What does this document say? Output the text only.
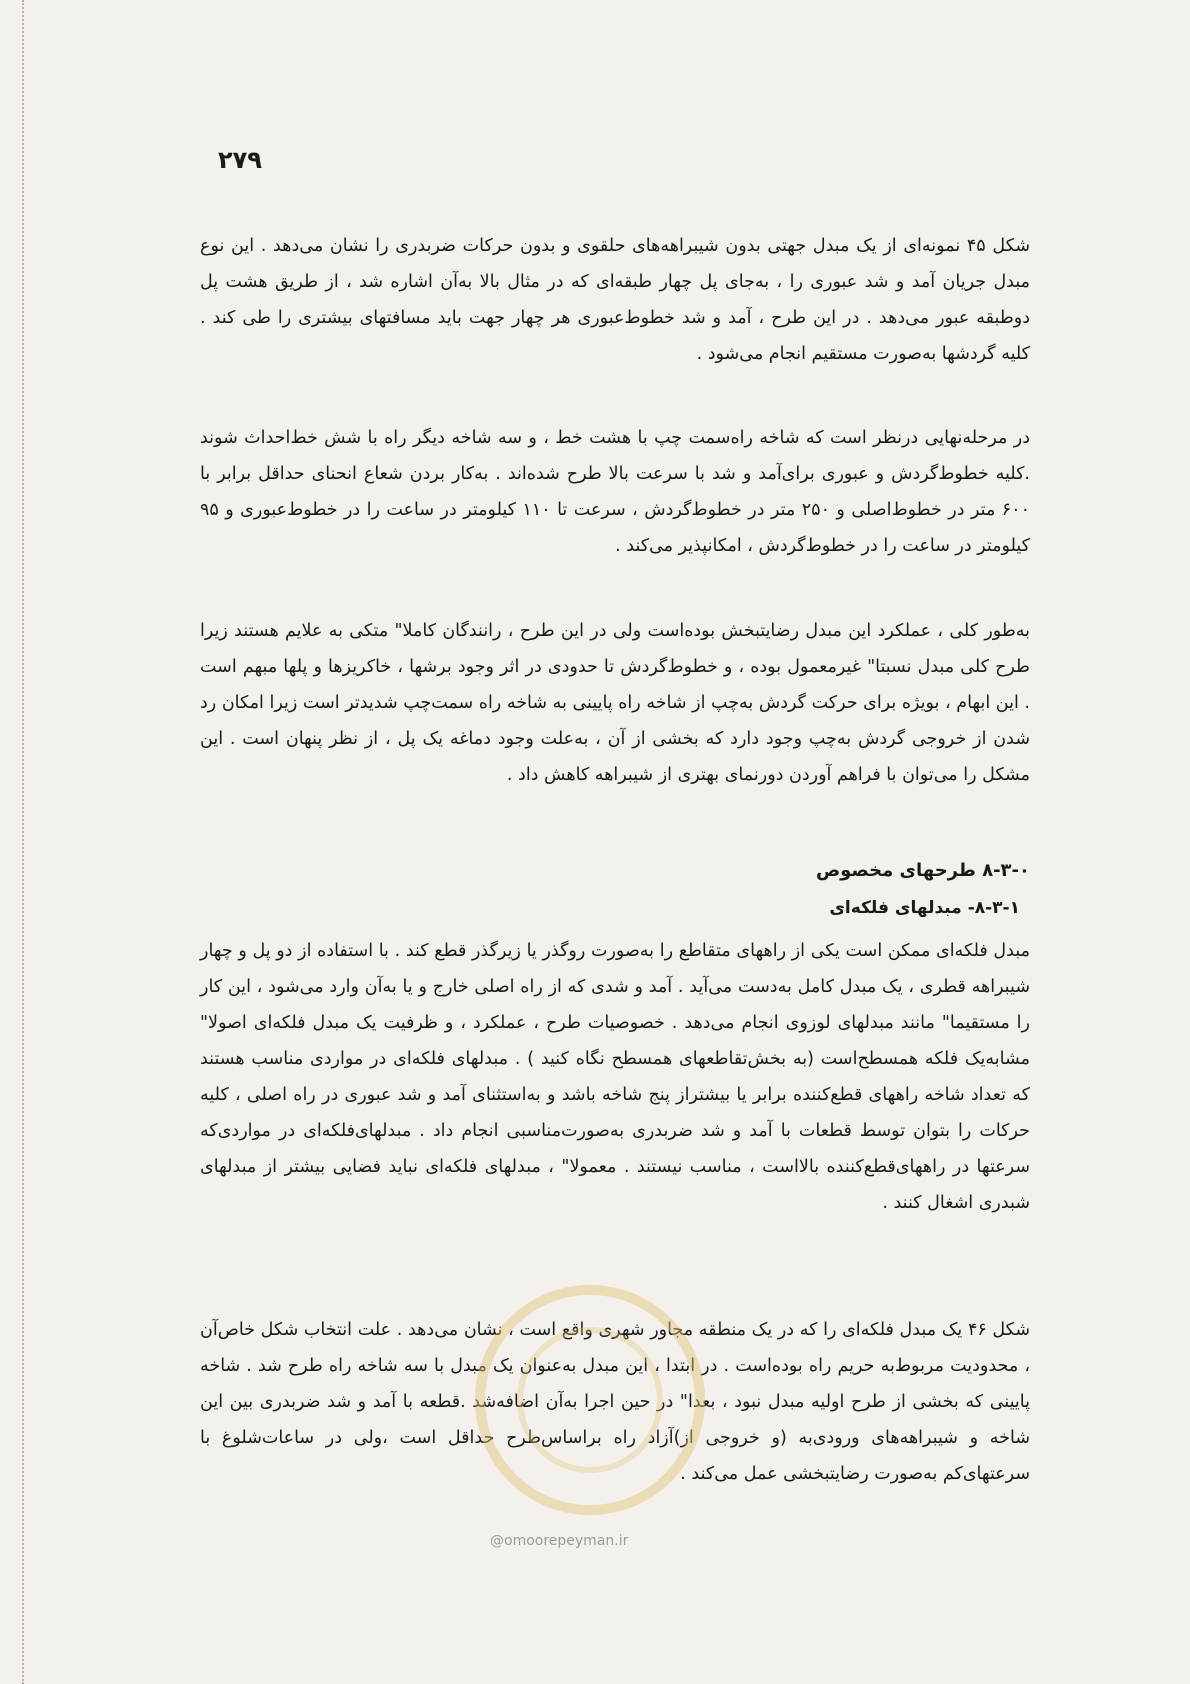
۲۷۹

شکل ۴۵ نمونه‌ای از یک مبدل جهتی بدون شیبراهه‌های حلقوی و بدون حرکات ضربدری را نشان می‌دهد . این نوع مبدل جریان آمد و شد عبوری را ، به‌جای پل چهار طبقه‌ای که در مثال بالا به‌آن اشاره شد ، از طریق هشت پل دوطبقه عبور می‌دهد . در این طرح ، آمد و شد خطوط‌عبوری هر چهار جهت باید مسافتهای بیشتری را طی کند . کلیه گردشها به‌صورت مستقیم انجام می‌شود .

در مرحله‌نهایی درنظر است که شاخه راه‌سمت چپ با هشت خط ، و سه شاخه دیگر راه با شش خط‌احداث شوند .کلیه خطوط‌گردش و عبوری برای‌آمد و شد با سرعت بالا طرح شده‌اند . به‌کار بردن شعاع انحنای حداقل برابر با ۶۰۰ متر در خطوط‌اصلی و ۲۵۰ متر در خطوط‌گردش ، سرعت تا ۱۱۰ کیلومتر در ساعت را در خطوط‌عبوری و ۹۵ کیلومتر در ساعت را در خطوط‌گردش ، امکانپذیر می‌کند .

به‌طور کلی ، عملکرد این مبدل رضایتبخش بوده‌است ولی در این طرح ، رانندگان کاملا" متکی به علایم هستند زیرا طرح کلی مبدل نسبتا" غیرمعمول بوده ، و خطوط‌گردش تا حدودی در اثر وجود برشها ، خاکریزها و پلها مبهم است . این ابهام ، بویژه برای حرکت گردش به‌چپ از شاخه راه پایینی به شاخه راه سمت‌چپ شدیدتر است زیرا امکان رد شدن از خروجی گردش به‌چپ وجود دارد که بخشی از آن ، به‌علت وجود دماغه یک پل ، از نظر پنهان است . این مشکل را می‌توان با فراهم آوردن دورنمای بهتری از شیبراهه کاهش داد .

۸-۳-۰ طرحهای مخصوص
۸-۳-۱- مبدلهای فلکه‌ای

مبدل فلکه‌ای ممکن است یکی از راههای متقاطع را به‌صورت روگذر یا زیرگذر قطع کند . با استفاده از دو پل و چهار شیبراهه قطری ، یک مبدل کامل به‌دست می‌آید . آمد و شدی که از راه اصلی خارج و یا به‌آن وارد می‌شود ، این کار را مستقیما" مانند مبدلهای لوزوی انجام می‌دهد . خصوصیات طرح ، عملکرد ، و ظرفیت یک مبدل فلکه‌ای اصولا" مشابه‌یک فلکه همسطح‌است (به بخش‌تقاطعهای همسطح نگاه کنید ) . مبدلهای فلکه‌ای در مواردی مناسب هستند که تعداد شاخه راههای قطع‌کننده برابر یا بیشتراز پنج شاخه باشد و به‌استثنای آمد و شد عبوری در راه اصلی ، کلیه حرکات را بتوان توسط قطعات با آمد و شد ضربدری به‌صورت‌مناسبی انجام داد . مبدلهای‌فلکه‌ای در مواردی‌که سرعتها در راههای‌قطع‌کننده بالااست ، مناسب نیستند . معمولا" ، مبدلهای فلکه‌ای نباید فضایی بیشتر از مبدلهای شبدری اشغال کنند .

شکل ۴۶ یک مبدل فلکه‌ای را که در یک منطقه مجاور شهری واقع است ، نشان می‌دهد . علت انتخاب شکل خاص‌آن ، محدودیت مربوط‌به حریم راه بوده‌است . در ابتدا ، این مبدل به‌عنوان یک مبدل با سه شاخه راه طرح شد . شاخه پایینی که بخشی از طرح اولیه مبدل نبود ، بعدا" در حین اجرا به‌آن اضافه‌شد .قطعه با آمد و شد ضربدری بین این شاخه و شیبراهه‌های ورودی‌به (و خروجی از)آزاد راه براساس‌طرح حداقل است ،ولی در ساعات‌شلوغ با سرعتهای‌کم به‌صورت رضایتبخشی عمل می‌کند .

@omoorepeyman.ir
